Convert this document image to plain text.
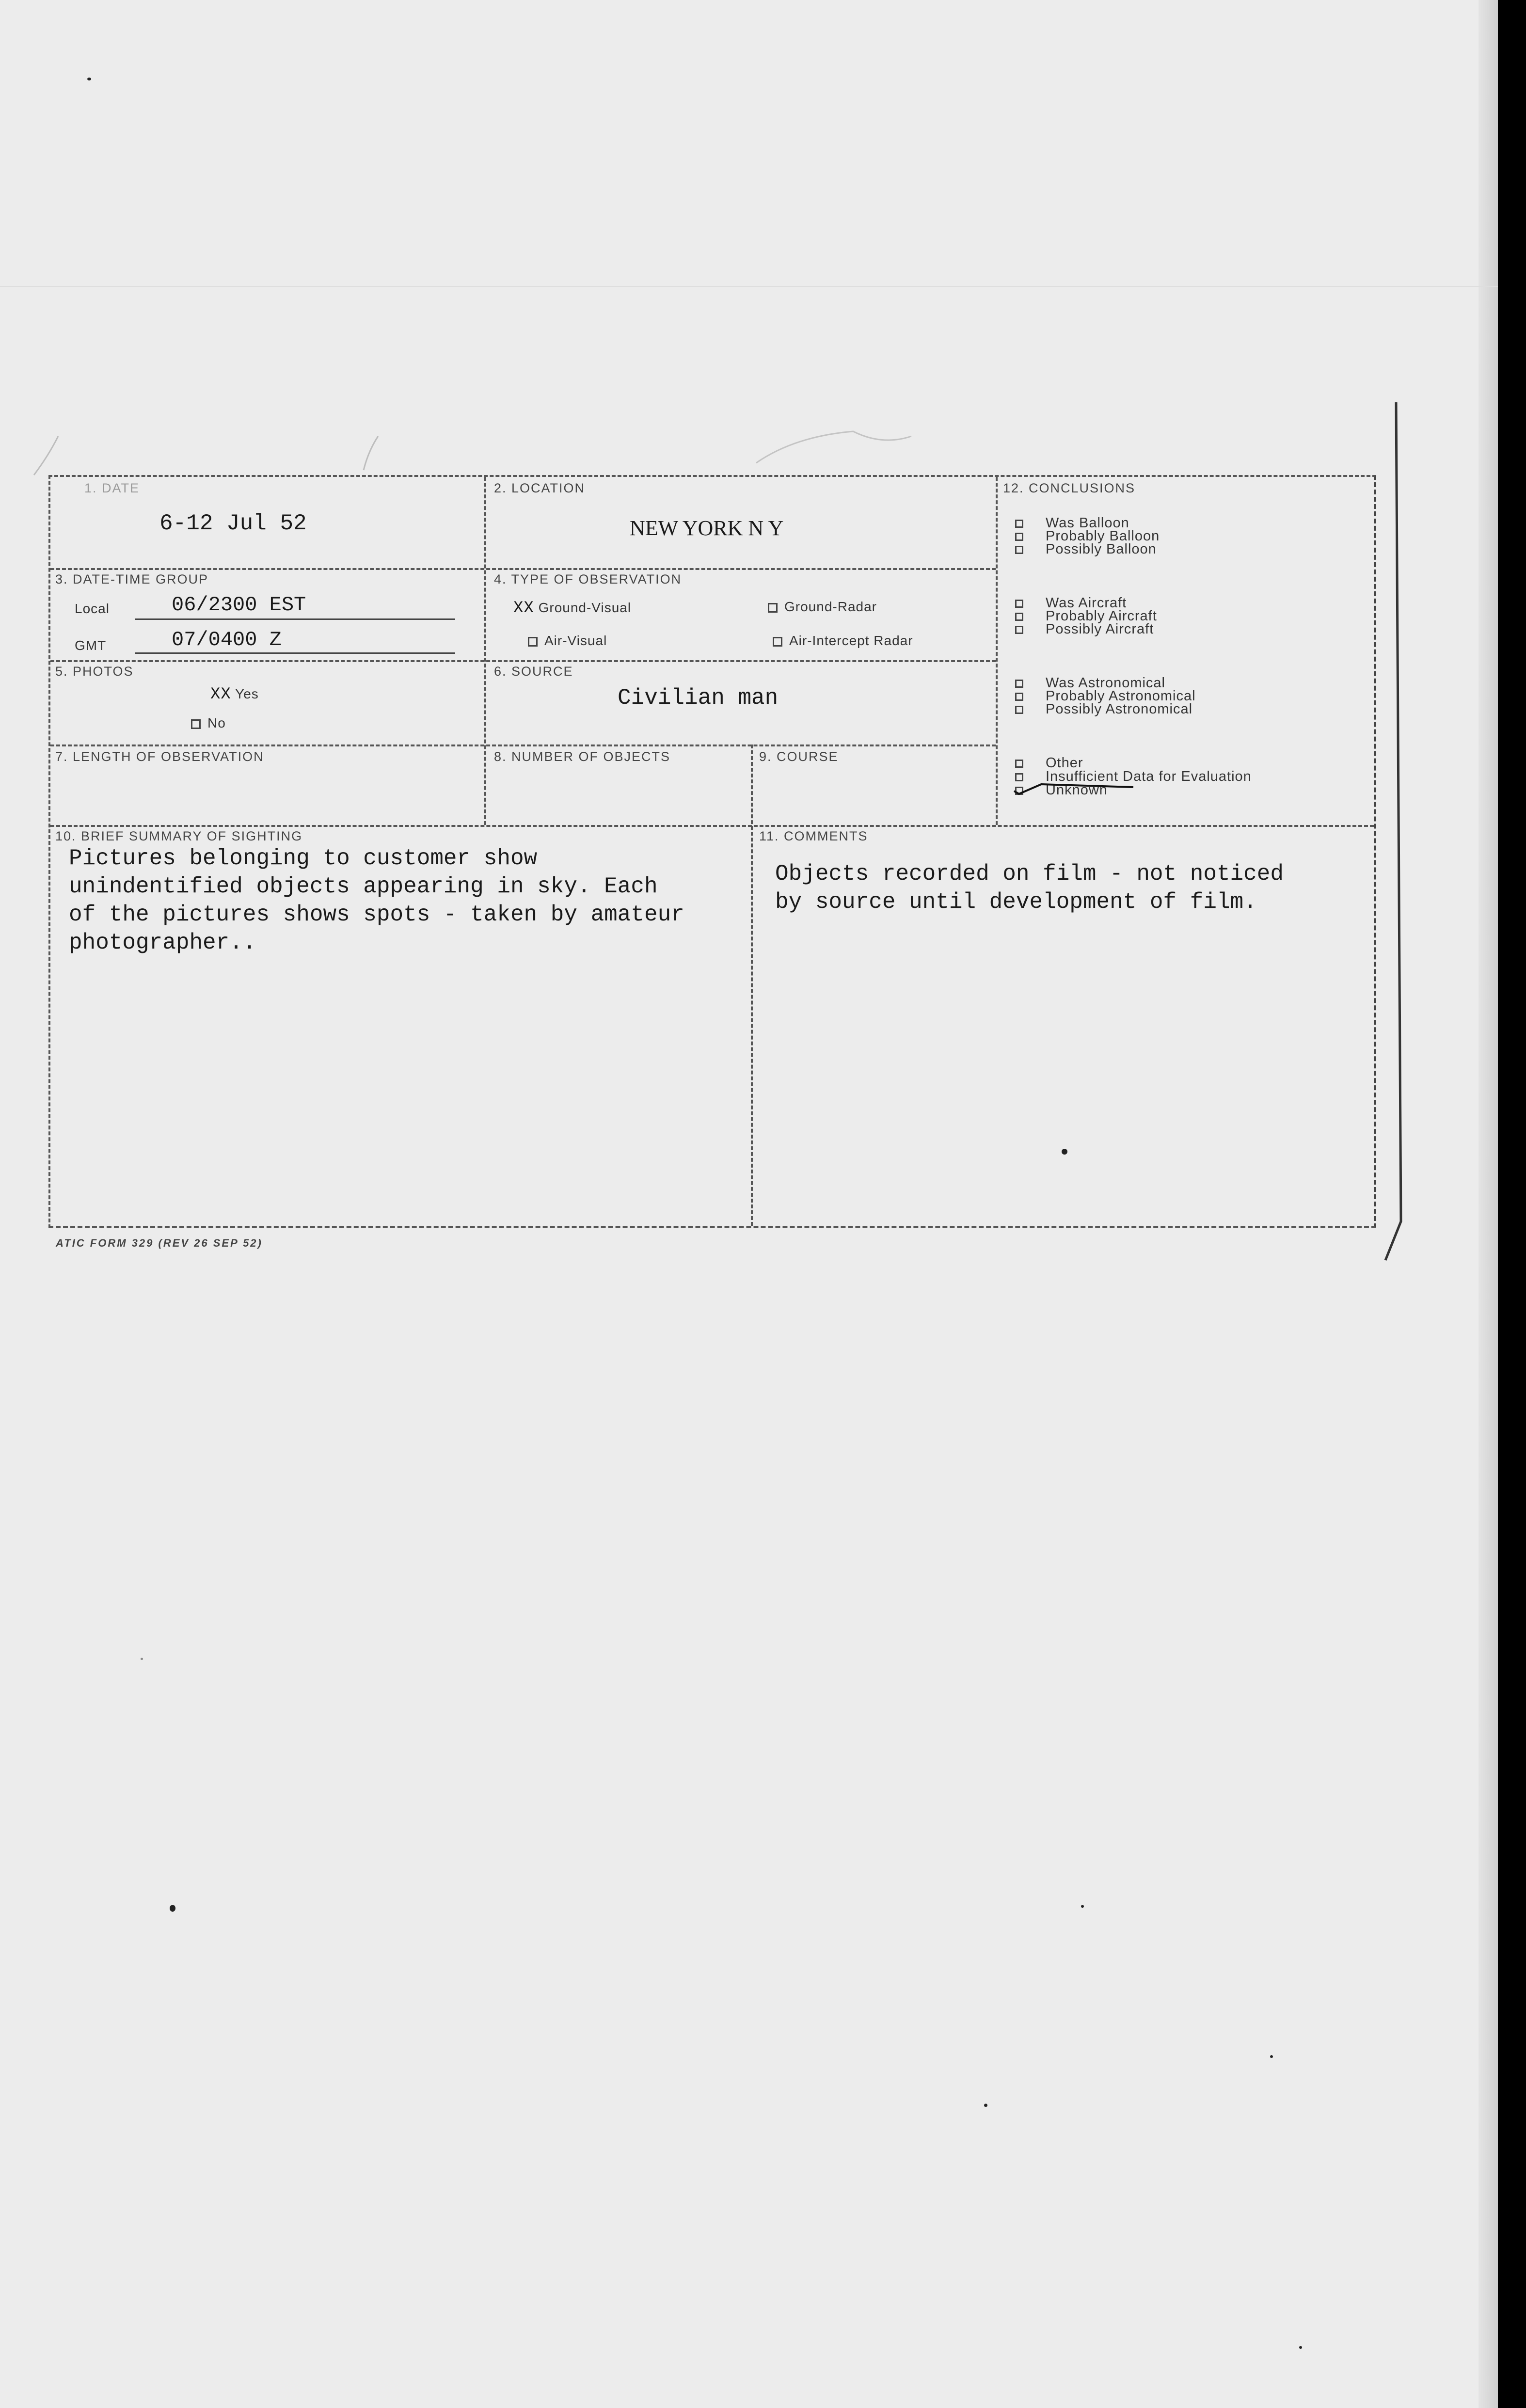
1. DATE
6-12 Jul 52
2. LOCATION
NEW YORK N Y
3. DATE-TIME GROUP
Local	06/2300 EST
GMT	07/0400 Z
4. TYPE OF OBSERVATION
XX Ground-Visual	Ground-Radar
Air-Visual	Air-Intercept Radar
5. PHOTOS
XX Yes
No
6. SOURCE
Civilian man
7. LENGTH OF OBSERVATION	8. NUMBER OF OBJECTS	9. COURSE
10. BRIEF SUMMARY OF SIGHTING
Pictures belonging to customer show
unindentified objects appearing in sky. Each
of the pictures shows spots - taken by amateur
photographer..
11. COMMENTS
Objects recorded on film - not noticed
by source until development of film.
12. CONCLUSIONS
Was Balloon
Probably Balloon
Possibly Balloon
Was Aircraft
Probably Aircraft
Possibly Aircraft
Was Astronomical
Probably Astronomical
Possibly Astronomical
Other
Insufficient Data for Evaluation
Unknown
ATIC FORM 329 (REV 26 SEP 52)
